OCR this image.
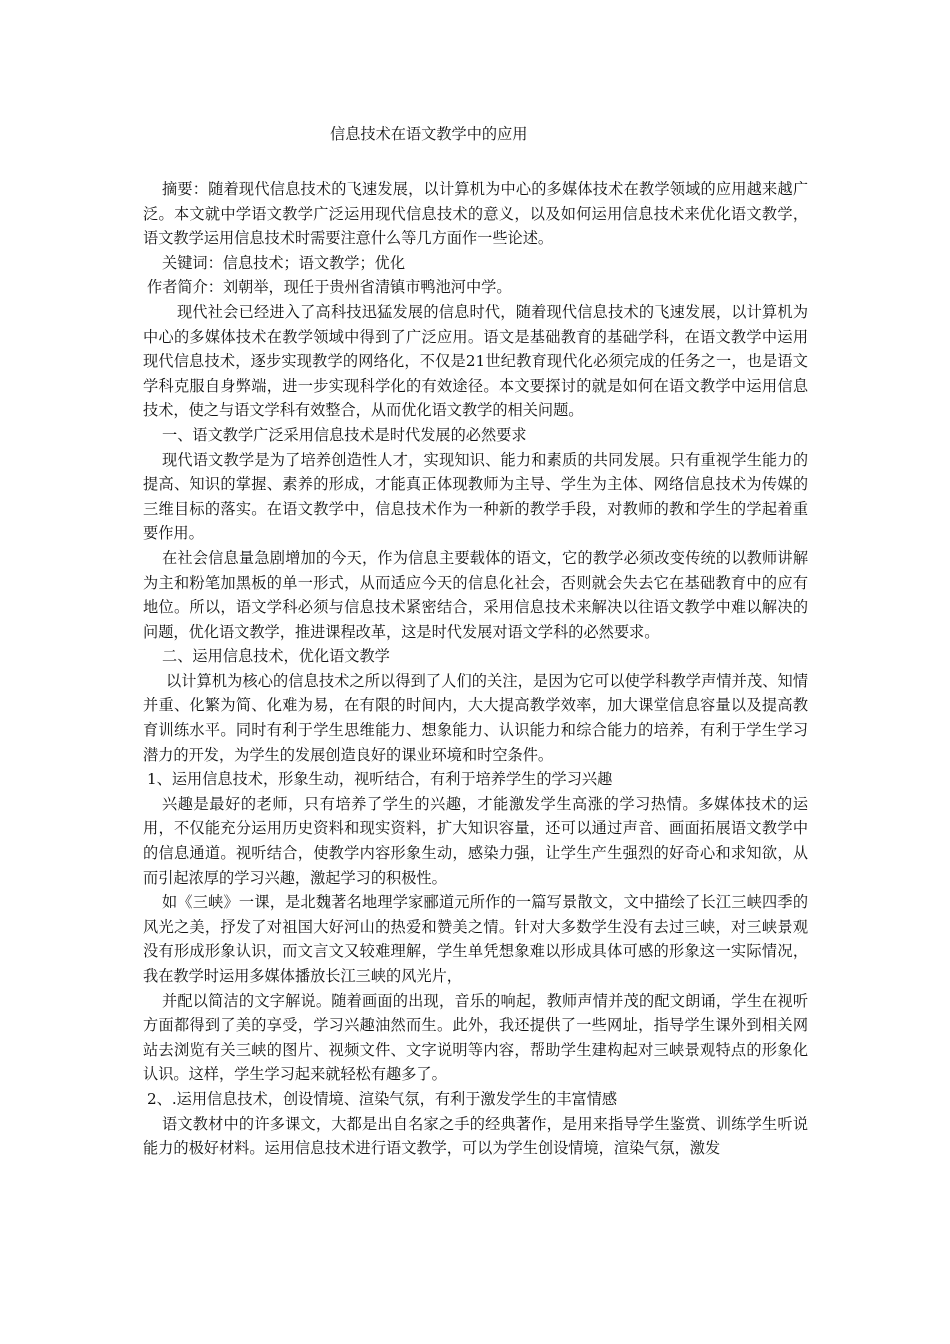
信息技术在语文教学中的应用

摘要：随着现代信息技术的飞速发展，以计算机为中心的多媒体技术在教学领域的应用越来越广泛。本文就中学语文教学广泛运用现代信息技术的意义，以及如何运用信息技术来优化语文教学，语文教学运用信息技术时需要注意什么等几方面作一些论述。

关键词：信息技术；语文教学；优化

作者简介：刘朝举，现任于贵州省清镇市鸭池河中学。

现代社会已经进入了高科技迅猛发展的信息时代，随着现代信息技术的飞速发展，以计算机为中心的多媒体技术在教学领域中得到了广泛应用。语文是基础教育的基础学科，在语文教学中运用现代信息技术，逐步实现教学的网络化，不仅是21世纪教育现代化必须完成的任务之一，也是语文学科克服自身弊端，进一步实现科学化的有效途径。本文要探讨的就是如何在语文教学中运用信息技术，使之与语文学科有效整合，从而优化语文教学的相关问题。

一、语文教学广泛采用信息技术是时代发展的必然要求

现代语文教学是为了培养创造性人才，实现知识、能力和素质的共同发展。只有重视学生能力的提高、知识的掌握、素养的形成，才能真正体现教师为主导、学生为主体、网络信息技术为传媒的三维目标的落实。在语文教学中，信息技术作为一种新的教学手段，对教师的教和学生的学起着重要作用。

在社会信息量急剧增加的今天，作为信息主要载体的语文，它的教学必须改变传统的以教师讲解为主和粉笔加黑板的单一形式，从而适应今天的信息化社会，否则就会失去它在基础教育中的应有地位。所以，语文学科必须与信息技术紧密结合，采用信息技术来解决以往语文教学中难以解决的问题，优化语文教学，推进课程改革，这是时代发展对语文学科的必然要求。

二、运用信息技术，优化语文教学

以计算机为核心的信息技术之所以得到了人们的关注，是因为它可以使学科教学声情并茂、知情并重、化繁为简、化难为易，在有限的时间内，大大提高教学效率，加大课堂信息容量以及提高教育训练水平。同时有利于学生思维能力、想象能力、认识能力和综合能力的培养，有利于学生学习潜力的开发，为学生的发展创造良好的课业环境和时空条件。

1、运用信息技术，形象生动，视听结合，有利于培养学生的学习兴趣

兴趣是最好的老师，只有培养了学生的兴趣，才能激发学生高涨的学习热情。多媒体技术的运用，不仅能充分运用历史资料和现实资料，扩大知识容量，还可以通过声音、画面拓展语文教学中的信息通道。视听结合，使教学内容形象生动，感染力强，让学生产生强烈的好奇心和求知欲，从而引起浓厚的学习兴趣，激起学习的积极性。

如《三峡》一课，是北魏著名地理学家郦道元所作的一篇写景散文，文中描绘了长江三峡四季的风光之美，抒发了对祖国大好河山的热爱和赞美之情。针对大多数学生没有去过三峡，对三峡景观没有形成形象认识，而文言文又较难理解，学生单凭想象难以形成具体可感的形象这一实际情况，我在教学时运用多媒体播放长江三峡的风光片，

并配以简洁的文字解说。随着画面的出现，音乐的响起，教师声情并茂的配文朗诵，学生在视听方面都得到了美的享受，学习兴趣油然而生。此外，我还提供了一些网址，指导学生课外到相关网站去浏览有关三峡的图片、视频文件、文字说明等内容，帮助学生建构起对三峡景观特点的形象化认识。这样，学生学习起来就轻松有趣多了。

2、.运用信息技术，创设情境、渲染气氛，有利于激发学生的丰富情感

语文教材中的许多课文，大都是出自名家之手的经典著作，是用来指导学生鉴赏、训练学生听说能力的极好材料。运用信息技术进行语文教学，可以为学生创设情境，渲染气氛，激发
